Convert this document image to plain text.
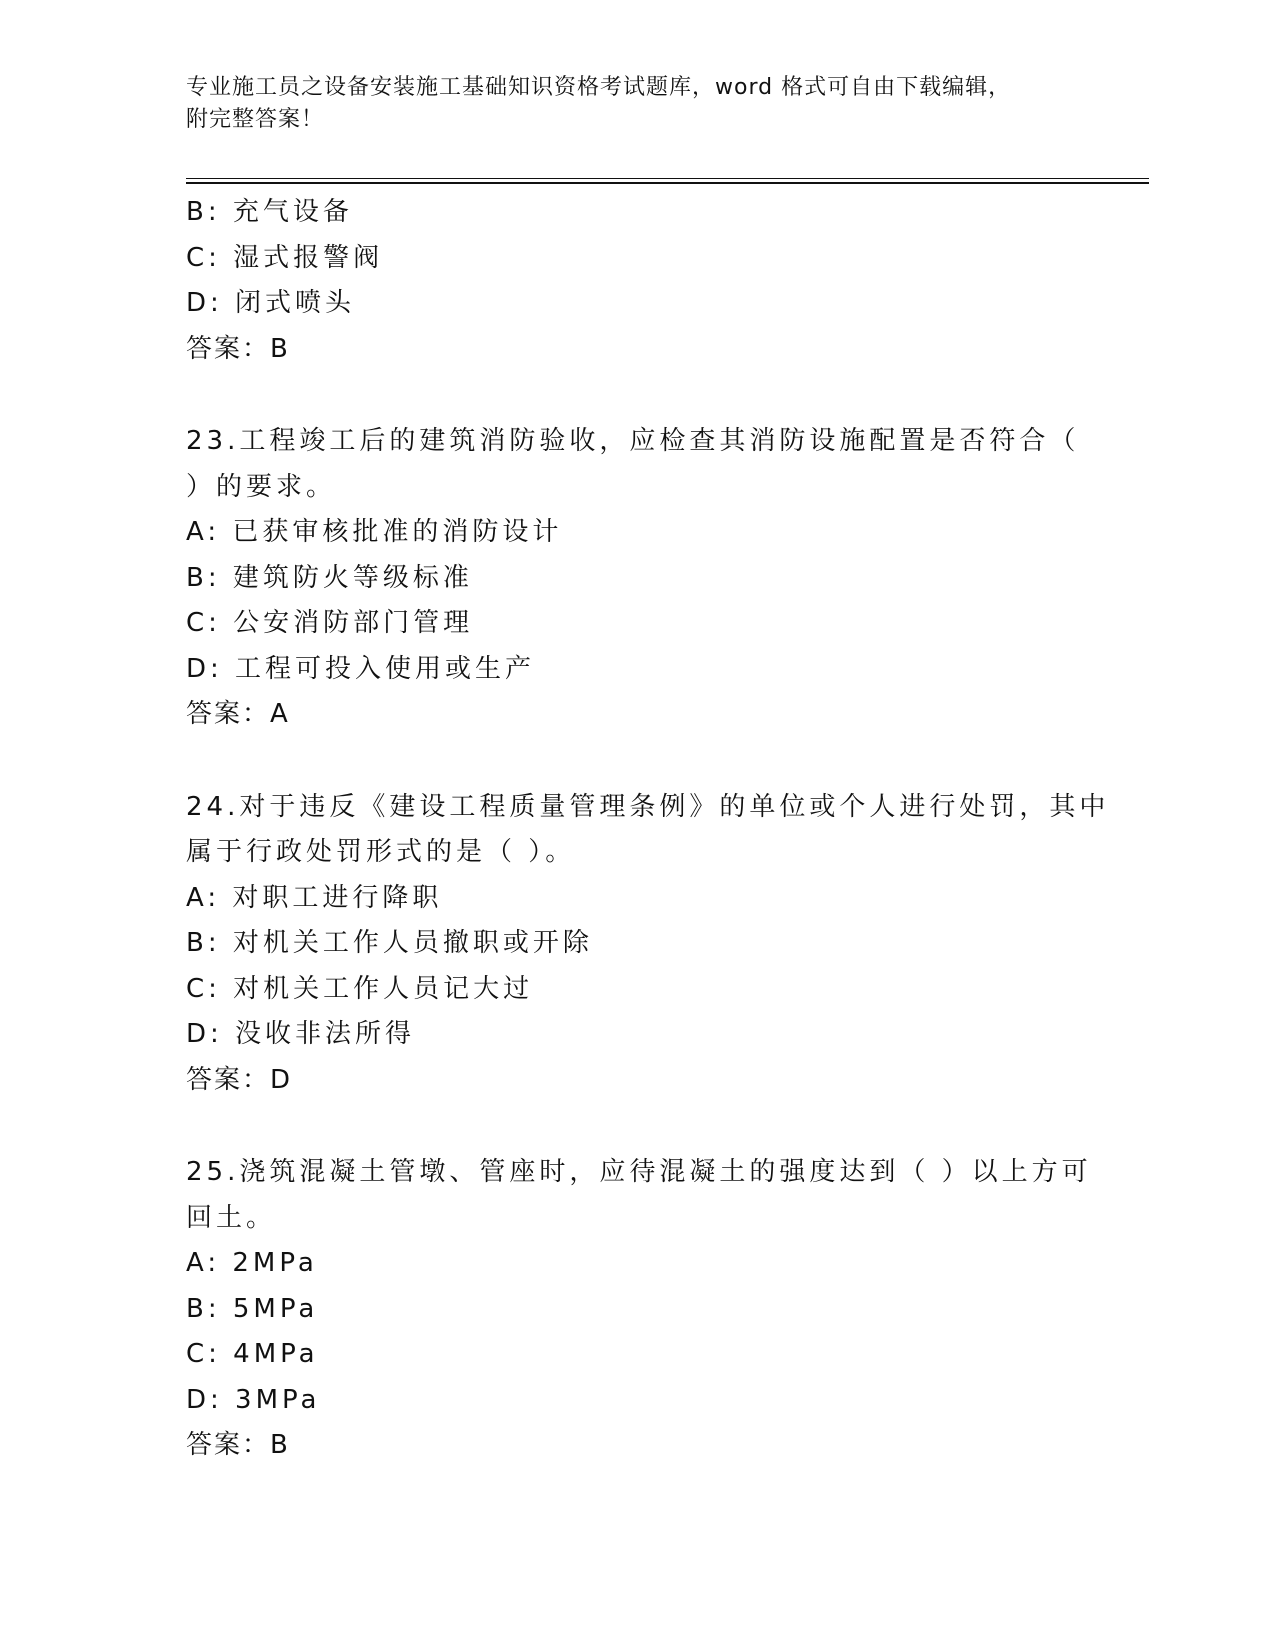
专业施工员之设备安装施工基础知识资格考试题库，word 格式可自由下载编辑，
附完整答案！
B: 充气设备
C: 湿式报警阀
D: 闭式喷头
答案：B
23.工程竣工后的建筑消防验收，应检查其消防设施配置是否符合（
）的要求。
A: 已获审核批准的消防设计
B: 建筑防火等级标准
C: 公安消防部门管理
D: 工程可投入使用或生产
答案：A
24.对于违反《建设工程质量管理条例》的单位或个人进行处罚，其中
属于行政处罚形式的是（ ）。
A: 对职工进行降职
B: 对机关工作人员撤职或开除
C: 对机关工作人员记大过
D: 没收非法所得
答案：D
25.浇筑混凝土管墩、管座时，应待混凝土的强度达到（ ）以上方可
回土。
A: 2MPa
B: 5MPa
C: 4MPa
D: 3MPa
答案：B
